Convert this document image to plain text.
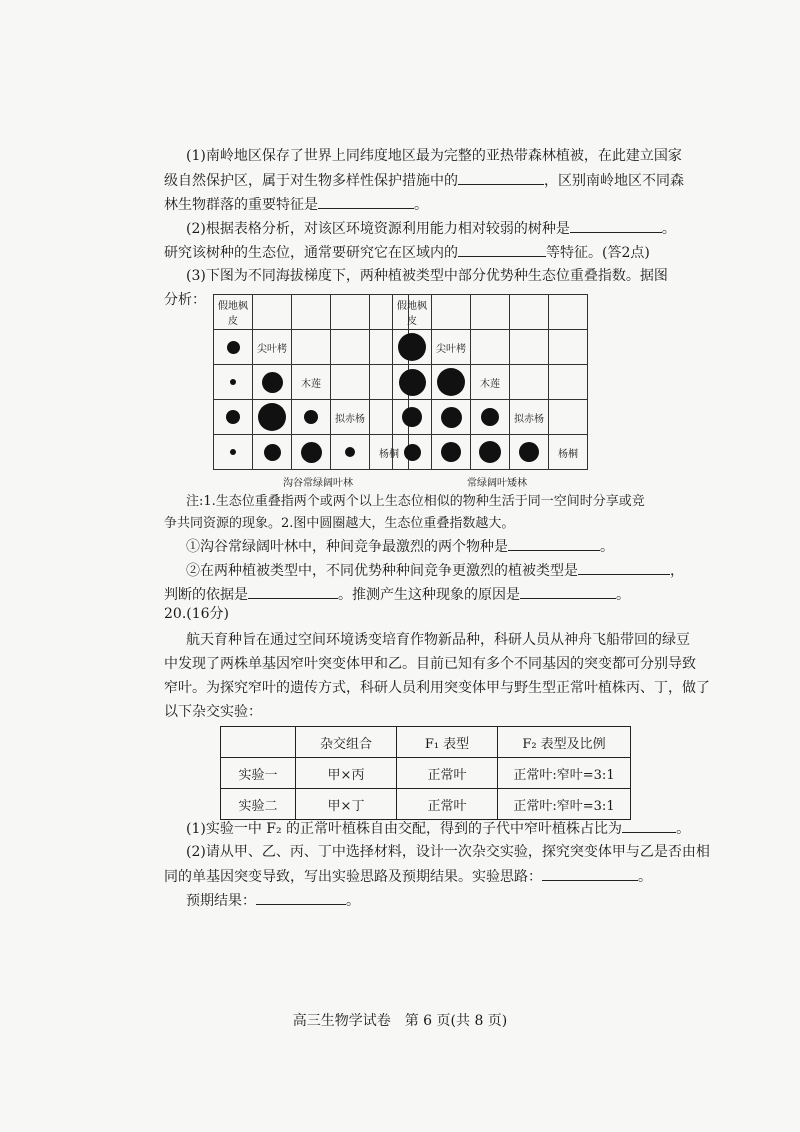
(1)南岭地区保存了世界上同纬度地区最为完整的亚热带森林植被，在此建立国家
级自然保护区，属于对生物多样性保护措施中的	，区别南岭地区不同森
林生物群落的重要特征是	。
(2)根据表格分析，对该区环境资源利用能力相对较弱的树种是	。
研究该树种的生态位，通常要研究它在区域内的	等特征。(答2点)
(3)下图为不同海拔梯度下，两种植被类型中部分优势种生态位重叠指数。据图
分析： 假地枫皮				
	尖叶栲			
		木莲		
			拟赤杨	
				杨桐
假地枫皮				
	尖叶栲			
		木莲		
			拟赤杨	
				杨桐
沟谷常绿阔叶林	常绿阔叶矮林
注:1.生态位重叠指两个或两个以上生态位相似的物种生活于同一空间时分享或竞
争共同资源的现象。2.图中圆圈越大，生态位重叠指数越大。
①沟谷常绿阔叶林中，种间竞争最激烈的两个物种是	。
②在两种植被类型中，不同优势种种间竞争更激烈的植被类型是	，
判断的依据是	。推测产生这种现象的原因是	。
20.(16分)
航天育种旨在通过空间环境诱变培育作物新品种，科研人员从神舟飞船带回的绿豆
中发现了两株单基因窄叶突变体甲和乙。目前已知有多个不同基因的突变都可分别导致
窄叶。为探究窄叶的遗传方式，科研人员利用突变体甲与野生型正常叶植株丙、丁，做了
以下杂交实验：
	杂交组合	F₁ 表型	F₂ 表型及比例
实验一	甲×丙	正常叶	正常叶:窄叶=3:1
实验二	甲×丁	正常叶	正常叶:窄叶=3:1
(1)实验一中 F₂ 的正常叶植株自由交配，得到的子代中窄叶植株占比为	。
(2)请从甲、乙、丙、丁中选择材料，设计一次杂交实验，探究突变体甲与乙是否由相
同的单基因突变导致，写出实验思路及预期结果。实验思路：	。
预期结果：	。
高三生物学试卷　第 6 页(共 8 页)
